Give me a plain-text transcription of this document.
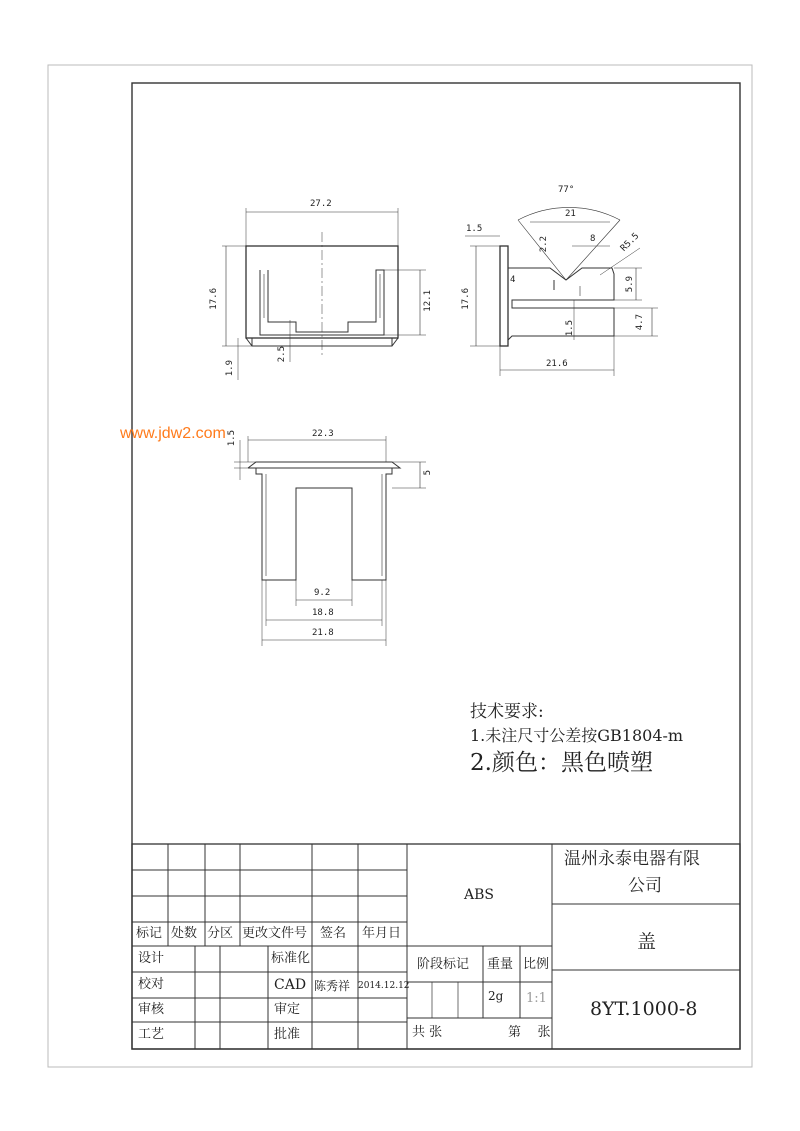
www.jdw2.com
27.2
17.6	12.1
1.9
2.5
1.5
77°
21
2.2	8	R5.5
17.6
5.9
4.7
1.5
4
21.6
22.3
1.5
5
9.2
18.8
21.8
技术要求:
1.未注尺寸公差按GB1804-m
2.颜色：黑色喷塑
标记 处数 分区 更改文件号 签名 年月日
设计	标准化
校对	CAD 陈秀祥 2014.12.12
审核	审定
工艺	批准
ABS
阶段标记 重量 比例
2g 1:1
共 张	第    张
温州永泰电器有限
公司
盖
8YT.1000-8
